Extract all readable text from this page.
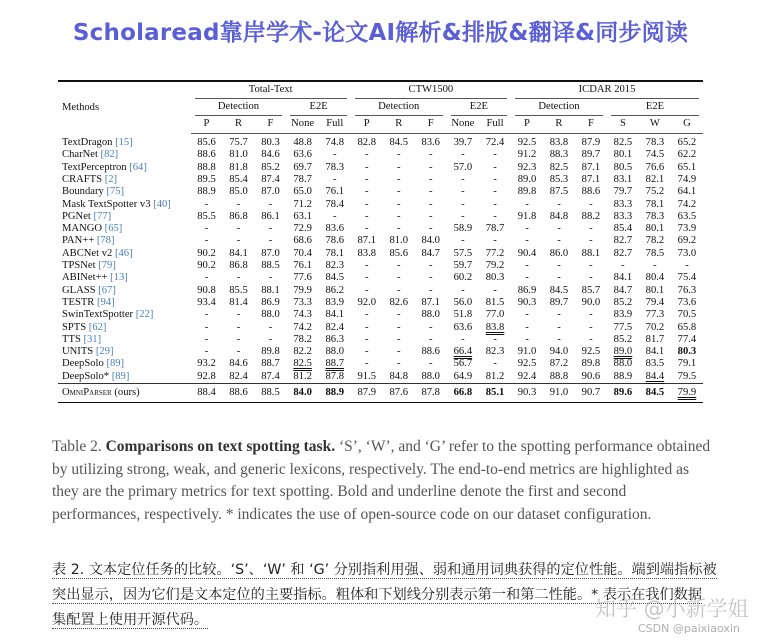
Scholaread靠岸学术-论文AI解析&排版&翻译&同步阅读
Methods	Total-Text					CTW1500					ICDAR 2015					
	Detection			E2E		Detection			E2E		Detection			E2E		
	P	R	F	None	Full	P	R	F	None	Full	P	R	F	S	W	G
TextDragon [15]	85.6	75.7	80.3	48.8	74.8	82.8	84.5	83.6	39.7	72.4	92.5	83.8	87.9	82.5	78.3	65.2
CharNet [82]	88.6	81.0	84.6	63.6	-	-	-	-	-	-	91.2	88.3	89.7	80.1	74.5	62.2
TextPerceptron [64]	88.8	81.8	85.2	69.7	78.3	-	-	-	57.0	-	92.3	82.5	87.1	80.5	76.6	65.1
CRAFTS [2]	89.5	85.4	87.4	78.7	-	-	-	-	-	-	89.0	85.3	87.1	83.1	82.1	74.9
Boundary [75]	88.9	85.0	87.0	65.0	76.1	-	-	-	-	-	89.8	87.5	88.6	79.7	75.2	64.1
Mask TextSpotter v3 [40]	-	-	-	71.2	78.4	-	-	-	-	-	-	-	-	83.3	78.1	74.2
PGNet [77]	85.5	86.8	86.1	63.1	-	-	-	-	-	-	91.8	84.8	88.2	83.3	78.3	63.5
MANGO [65]	-	-	-	72.9	83.6	-	-	-	58.9	78.7	-	-	-	85.4	80.1	73.9
PAN++ [78]	-	-	-	68.6	78.6	87.1	81.0	84.0	-	-	-	-	-	82.7	78.2	69.2
ABCNet v2 [46]	90.2	84.1	87.0	70.4	78.1	83.8	85.6	84.7	57.5	77.2	90.4	86.0	88.1	82.7	78.5	73.0
TPSNet [79]	90.2	86.8	88.5	76.1	82.3	-	-	-	59.7	79.2	-	-	-	-	-	-
ABINet++ [13]	-	-	-	77.6	84.5	-	-	-	60.2	80.3	-	-	-	84.1	80.4	75.4
GLASS [67]	90.8	85.5	88.1	79.9	86.2	-	-	-	-	-	86.9	84.5	85.7	84.7	80.1	76.3
TESTR [94]	93.4	81.4	86.9	73.3	83.9	92.0	82.6	87.1	56.0	81.5	90.3	89.7	90.0	85.2	79.4	73.6
SwinTextSpotter [22]	-	-	88.0	74.3	84.1	-	-	88.0	51.8	77.0	-	-	-	83.9	77.3	70.5
SPTS [62]	-	-	-	74.2	82.4	-	-	-	63.6	83.8	-	-	-	77.5	70.2	65.8
TTS [31]	-	-	-	78.2	86.3	-	-	-	-	-	-	-	-	85.2	81.7	77.4
UNITS [29]	-	-	89.8	82.2	88.0	-	-	88.6	66.4	82.3	91.0	94.0	92.5	89.0	84.1	80.3
DeepSolo [89]	93.2	84.6	88.7	82.5	88.7	-	-	-	56.7	-	92.5	87.2	89.8	88.0	83.5	79.1
DeepSolo* [89]	92.8	82.4	87.4	81.2	87.8	91.5	84.8	88.0	64.9	81.2	92.4	88.8	90.6	88.9	84.4	79.5
OmniParser (ours)	88.4	88.6	88.5	84.0	88.9	87.9	87.6	87.8	66.8	85.1	90.3	91.0	90.7	89.6	84.5	79.9
Table 2. Comparisons on text spotting task. ‘S’, ‘W’, and ‘G’ refer to the spotting performance obtained by utilizing strong, weak, and generic lexicons, respectively. The end-to-end metrics are highlighted as they are the primary metrics for text spotting. Bold and underline denote the first and second performances, respectively. * indicates the use of open-source code on our dataset configuration.
表 2. 文本定位任务的比较。‘S’、‘W’ 和 ‘G’ 分别指利用强、弱和通用词典获得的定位性能。端到端指标被
突出显示，因为它们是文本定位的主要指标。粗体和下划线分别表示第一和第二性能。* 表示在我们数据
集配置上使用开源代码。	知乎 @小新学姐
CSDN @paixiaoxin
